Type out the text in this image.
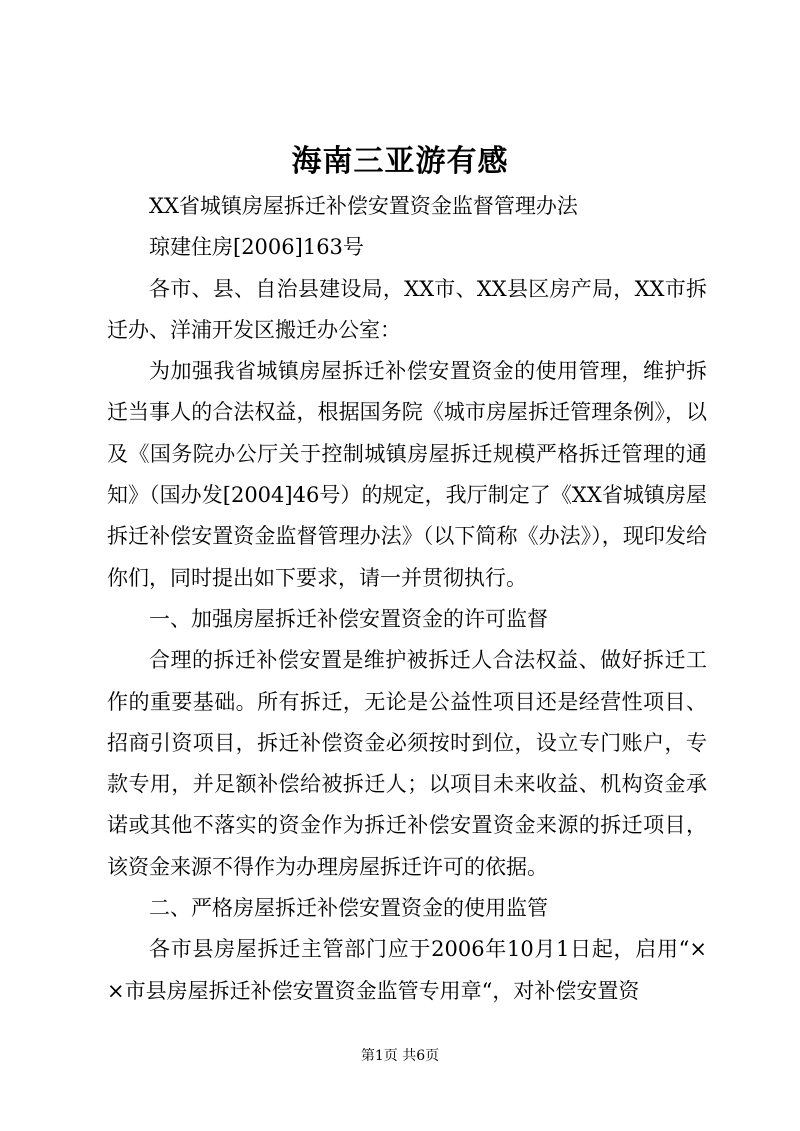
海南三亚游有感

XX省城镇房屋拆迁补偿安置资金监督管理办法

琼建住房[2006]163号

各市、县、自治县建设局，XX市、XX县区房产局，XX市拆迁办、洋浦开发区搬迁办公室：

为加强我省城镇房屋拆迁补偿安置资金的使用管理，维护拆迁当事人的合法权益，根据国务院《城市房屋拆迁管理条例》，以及《国务院办公厅关于控制城镇房屋拆迁规模严格拆迁管理的通知》（国办发[2004]46号）的规定，我厅制定了《XX省城镇房屋拆迁补偿安置资金监督管理办法》（以下简称《办法》），现印发给你们，同时提出如下要求，请一并贯彻执行。

一、加强房屋拆迁补偿安置资金的许可监督

合理的拆迁补偿安置是维护被拆迁人合法权益、做好拆迁工作的重要基础。所有拆迁，无论是公益性项目还是经营性项目、招商引资项目，拆迁补偿资金必须按时到位，设立专门账户，专款专用，并足额补偿给被拆迁人；以项目未来收益、机构资金承诺或其他不落实的资金作为拆迁补偿安置资金来源的拆迁项目，该资金来源不得作为办理房屋拆迁许可的依据。

二、严格房屋拆迁补偿安置资金的使用监管

各市县房屋拆迁主管部门应于2006年10月1日起，启用“××市县房屋拆迁补偿安置资金监管专用章“，对补偿安置资

第1页 共6页
